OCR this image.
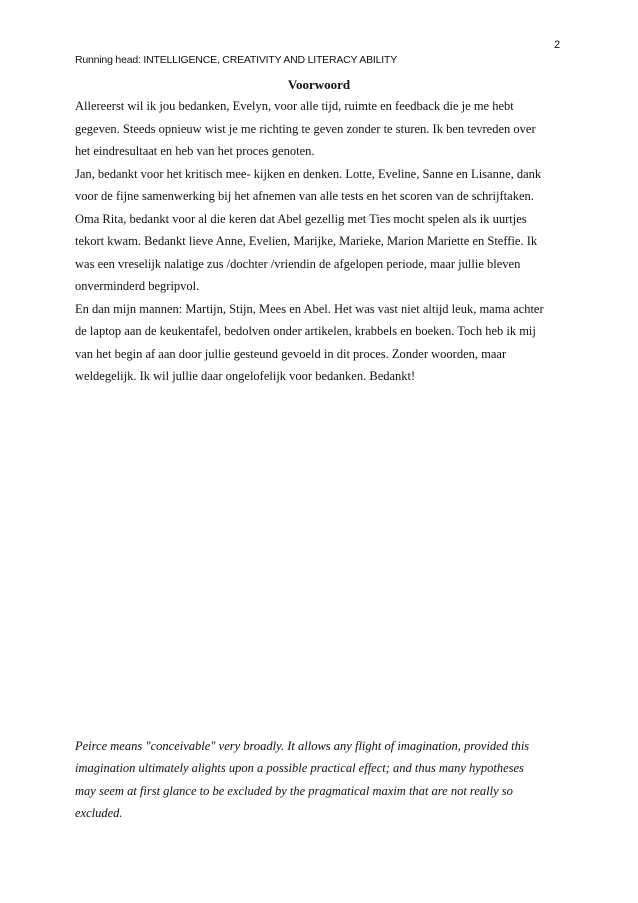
2
Running head: INTELLIGENCE, CREATIVITY AND LITERACY ABILITY
Voorwoord
Allereerst wil ik jou bedanken, Evelyn, voor alle tijd, ruimte en feedback die je me hebt
gegeven. Steeds opnieuw wist je me richting te geven zonder te sturen. Ik ben tevreden over
het eindresultaat en heb van het proces genoten.
Jan, bedankt voor het kritisch mee- kijken en denken. Lotte, Eveline, Sanne en Lisanne, dank
voor de fijne samenwerking bij het afnemen van alle tests en het scoren van de schrijftaken.
Oma Rita, bedankt voor al die keren dat Abel gezellig met Ties mocht spelen als ik uurtjes
tekort kwam. Bedankt lieve Anne, Evelien, Marijke, Marieke, Marion Mariette en Steffie. Ik
was een vreselijk nalatige zus /dochter /vriendin de afgelopen periode, maar jullie bleven
onverminderd begripvol.
En dan mijn mannen: Martijn, Stijn, Mees en Abel. Het was vast niet altijd leuk, mama achter
de laptop aan de keukentafel, bedolven onder artikelen, krabbels en boeken. Toch heb ik mij
van het begin af aan door jullie gesteund gevoeld in dit proces. Zonder woorden, maar
weldegelijk. Ik wil jullie daar ongelofelijk voor bedanken. Bedankt!
Peirce means "conceivable" very broadly. It allows any flight of imagination, provided this
imagination ultimately alights upon a possible practical effect; and thus many hypotheses
may seem at first glance to be excluded by the pragmatical maxim that are not really so
excluded.
